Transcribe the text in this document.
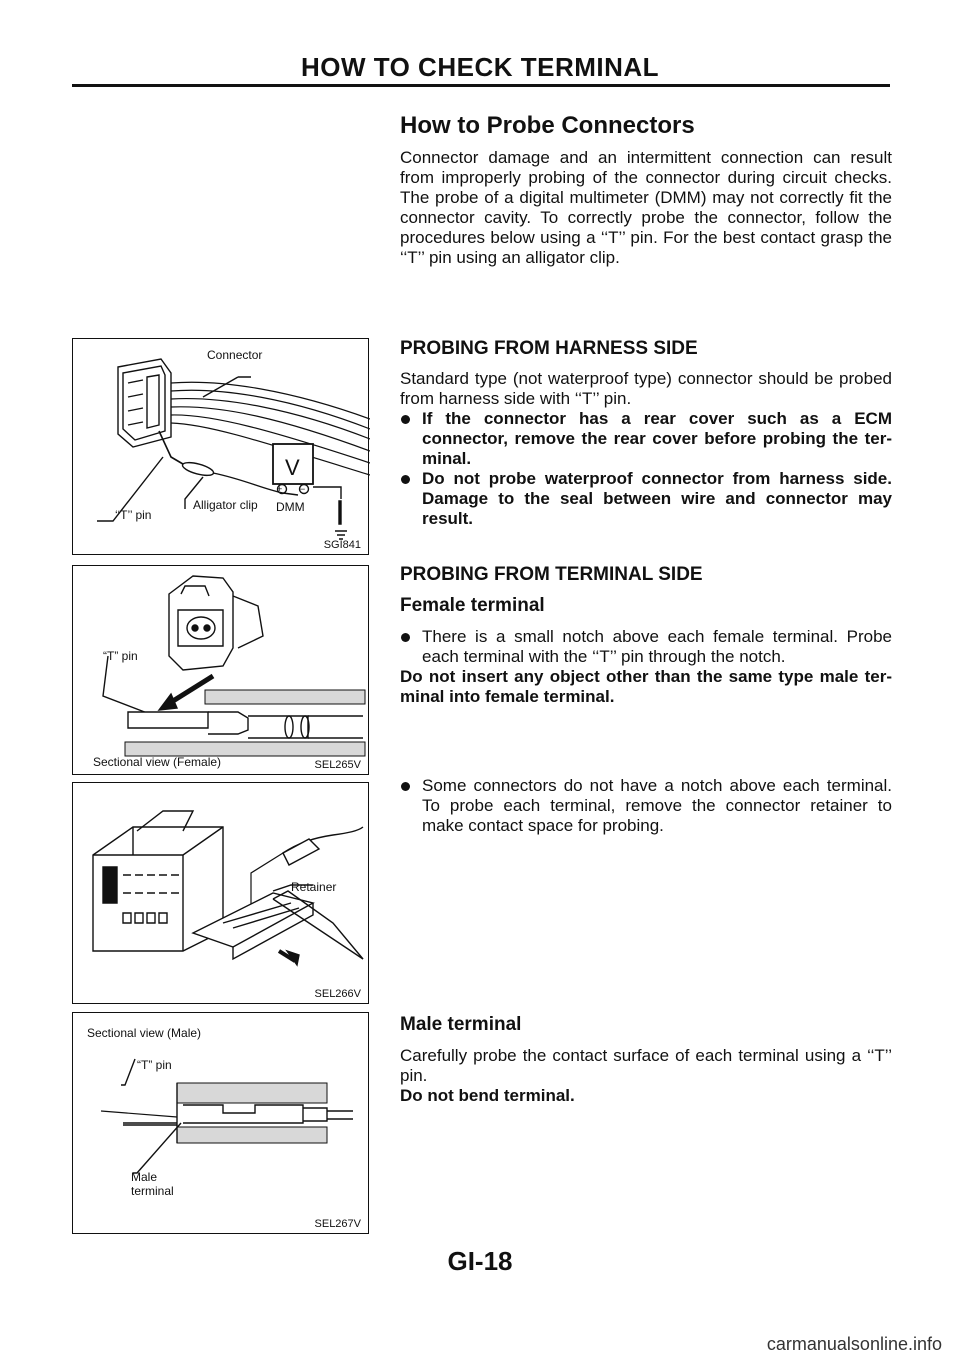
HOW TO CHECK TERMINAL
How to Probe Connectors

Connector damage and an intermittent connection can result from improperly probing of the connector during circuit checks. The probe of a digital multimeter (DMM) may not correctly fit the connector cavity. To correctly probe the connector, follow the procedures below using a ‘‘T’’ pin. For the best contact grasp the ‘‘T’’ pin using an alligator clip.

PROBING FROM HARNESS SIDE

Standard type (not waterproof type) connector should be probed from harness side with ‘‘T’’ pin.

If the connector has a rear cover such as a ECM connector, remove the rear cover before probing the ter-minal.
Do not probe waterproof connector from harness side. Damage to the seal between wire and connector may result.
PROBING FROM TERMINAL SIDE
Female terminal
There is a small notch above each female terminal. Probe each terminal with the ‘‘T’’ pin through the notch.

Do not insert any object other than the same type male ter-minal into female terminal.

Some connectors do not have a notch above each terminal. To probe each terminal, remove the connector retainer to make contact space for probing.
Male terminal

Carefully probe the contact surface of each terminal using a ‘‘T’’ pin.

Do not bend terminal.

Connector
V
+ −
Alligator clip DMM
‘‘T’’ pin
SGI841
“T” pin
Sectional view (Female)	SEL265V
Retainer
SEL266V
Sectional view (Male)
“T” pin
Male
terminal
SEL267V
GI-18
carmanualsonline.info
